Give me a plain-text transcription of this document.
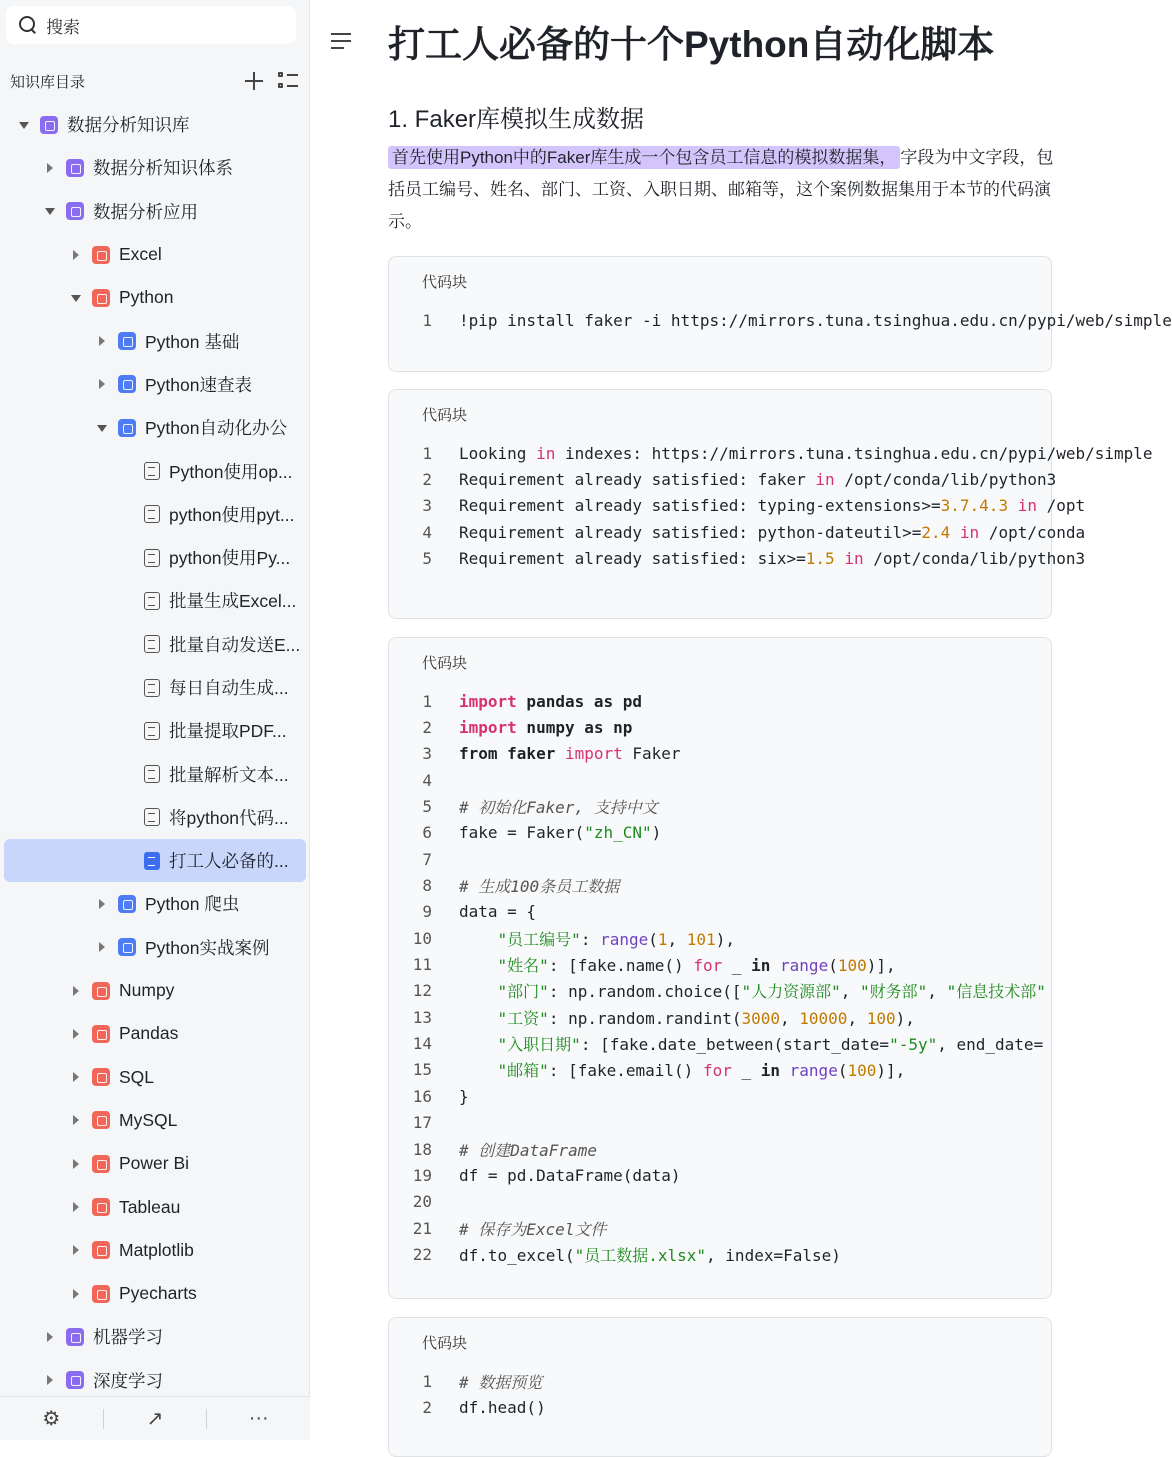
搜索
知识库目录
数据分析知识库
数据分析知识体系
数据分析应用
Excel
Python
Python 基础
Python速查表
Python自动化办公
Python使用op...
python使用pyt...
python使用Py...
批量生成Excel...
批量自动发送E...
每日自动生成...
批量提取PDF...
批量解析文本...
将python代码...
打工人必备的...
Python 爬虫
Python实战案例
Numpy
Pandas
SQL
MySQL
Power Bi
Tableau
Matplotlib
Pyecharts
机器学习
深度学习
⚙	↗	···
打工人必备的十个Python自动化脚本
1. Faker库模拟生成数据
首先使用Python中的Faker库生成一个包含员工信息的模拟数据集， 字段为中文字段，包括员工编号、姓名、部门、工资、入职日期、邮箱等，这个案例数据集用于本节的代码演示。
代码块
1 !pip install faker -i https://mirrors.tuna.tsinghua.edu.cn/pypi/web/simple
代码块
1 Looking in indexes: https://mirrors.tuna.tsinghua.edu.cn/pypi/web/simple
2 Requirement already satisfied: faker in /opt/conda/lib/python3
3 Requirement already satisfied: typing-extensions>=3.7.4.3 in /opt
4 Requirement already satisfied: python-dateutil>=2.4 in /opt/conda
5 Requirement already satisfied: six>=1.5 in /opt/conda/lib/python3
代码块
1 import pandas as pd
2 import numpy as np
3 from faker import Faker
4
5 # 初始化Faker, 支持中文
6 fake = Faker("zh_CN")
7
8 # 生成100条员工数据
9 data = {
10	"员工编号": range(1, 101),
11	"姓名": [fake.name() for _ in range(100)],
12	"部门": np.random.choice(["人力资源部", "财务部", "信息技术部"
13	"工资": np.random.randint(3000, 10000, 100),
14	"入职日期": [fake.date_between(start_date="-5y", end_date=
15	"邮箱": [fake.email() for _ in range(100)],
16 }
17
18 # 创建DataFrame
19 df = pd.DataFrame(data)
20
21 # 保存为Excel文件
22 df.to_excel("员工数据.xlsx", index=False)
代码块
1 # 数据预览
2 df.head()
